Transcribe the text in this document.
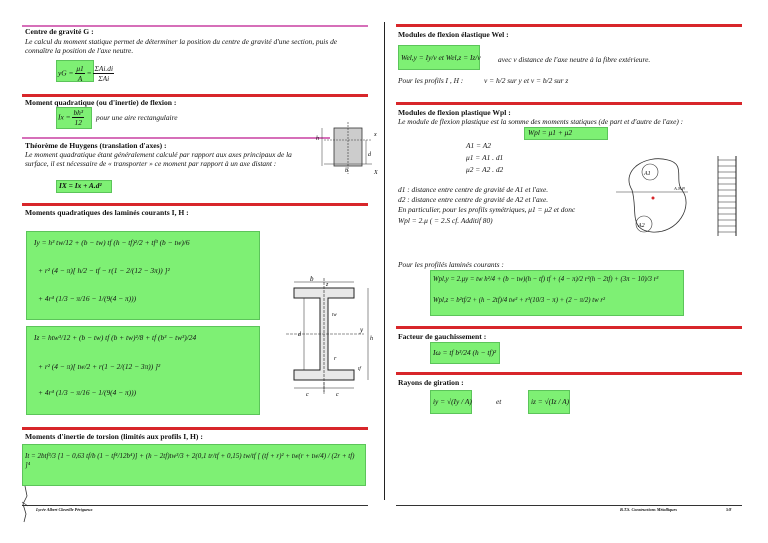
Centre de gravité G :
Le calcul du moment statique permet de déterminer la position du centre de gravité d'une section, puis de connaître la position de l'axe neutre.
yG = $\frac{\mu 1}{A} = \frac{\text{ΣAi.di}}{\text{ΣAi}}$
Moment quadratique (ou d'inertie) de flexion :
$Ix = \frac{\text{bh³}}{12}$ pour une aire rectangulaire
Théorème de Huygens (translation d'axes) :
Le moment quadratique étant généralement calculé par rapport aux axes principaux de la surface, il est nécessaire de « transporter » ce moment par rapport à un axe distant :
IX = Ix + A.d²
h
x
X
d
b
Moments quadratiques des laminés courants I, H :
Iy = h³ tw/12 + (b − tw) tf (h − tf)²/2 + tf³ (b − tw)/6
+ r² (4 − π)[ h/2 − tf − r(1 − 2/(12 − 3π)) ]²
+ 4r⁴ (1/3 − π/16 − 1/(9(4 − π)))
Iz = htw³/12 + (b − tw) tf (b + tw)²/8 + tf (b³ − tw³)/24
+ r² (4 − π)[ tw/2 + r(1 − 2/(12 − 3π)) ]²
+ 4r⁴ (1/3 − π/16 − 1/(9(4 − π)))
b
z
y
h
d
tw
tf
r
c	c
Moments d'inertie de torsion (limités aux profils I, H) :
It = 2btf³/3 [1 − 0,63 tf/b (1 − tf⁴/12b⁴)] + (h − 2tf)tw³/3 + 2(0,1 tr/tf + 0,15) tw/tf [ (tf + r)² + tw(r + tw/4) / (2r + tf) ]⁴
Lycée Albert Claveille Périgueux
Modules de flexion élastique Wel :
Wel,y = Iy/v et Wel,z = Iz/v avec v distance de l'axe neutre à la fibre extérieure.
Pour les profils I , H :	v = h/2 sur y et v = b/2 sur z
Modules de flexion plastique Wpl :
Le module de flexion plastique est la somme des moments statiques (de part et d'autre de l'axe) :
Wpl = μ1 + μ2
A1 = A2
μ1 = A1 . d1
μ2 = A2 . d2
d1 : distance entre centre de gravité de A1 et l'axe.
d2 : distance entre centre de gravité de A2 et l'axe.
En particulier, pour les profils symétriques, μ1 = μ2 et donc
Wpl = 2.μ ( = 2.S cf. Additif 80)
A1
A2
A.N.P.
Pour les profilés laminés courants :
Wpl,y = 2.μy = tw h²/4 + (b − tw)(h − tf) tf + (4 − π)/2 r²(h − 2tf) + (3π − 10)/3 r³
Wpl,z = b²tf/2 + (h − 2tf)/4 tw² + r³(10/3 − π) + (2 − π/2) tw r²
Facteur de gauchissement :
Iω = tf b³/24 (h − tf)²
Rayons de giration :
iy = √(Iy / A)	et	iz = √(Iz / A)
B.T.S. Constructions Métalliques	5/8
